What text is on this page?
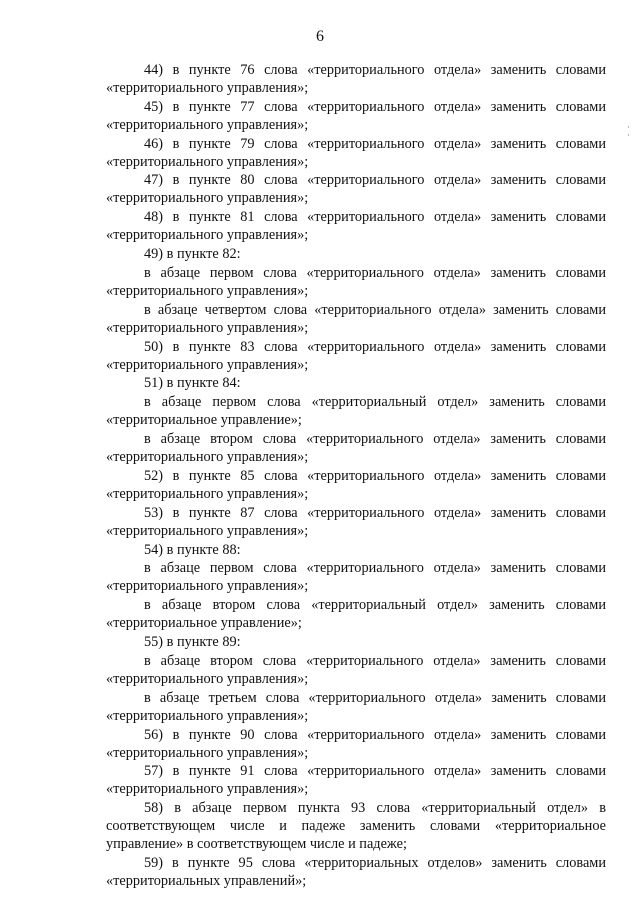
6

44) в пункте 76 слова «территориального отдела» заменить словами «территориального управления»;

45) в пункте 77 слова «территориального отдела» заменить словами «территориального управления»;

46) в пункте 79 слова «территориального отдела» заменить словами «территориального управления»;

47) в пункте 80 слова «территориального отдела» заменить словами «территориального управления»;

48) в пункте 81 слова «территориального отдела» заменить словами «территориального управления»;

49) в пункте 82:

в абзаце первом слова «территориального отдела» заменить словами «территориального управления»;

в абзаце четвертом слова «территориального отдела» заменить словами «территориального управления»;

50) в пункте 83 слова «территориального отдела» заменить словами «территориального управления»;

51) в пункте 84:

в абзаце первом слова «территориальный отдел» заменить словами «территориальное управление»;

в абзаце втором слова «территориального отдела» заменить словами «территориального управления»;

52) в пункте 85 слова «территориального отдела» заменить словами «территориального управления»;

53) в пункте 87 слова «территориального отдела» заменить словами «территориального управления»;

54) в пункте 88:

в абзаце первом слова «территориального отдела» заменить словами «территориального управления»;

в абзаце втором слова «территориальный отдел» заменить словами «территориальное управление»;

55) в пункте 89:

в абзаце втором слова «территориального отдела» заменить словами «территориального управления»;

в абзаце третьем слова «территориального отдела» заменить словами «территориального управления»;

56) в пункте 90 слова «территориального отдела» заменить словами «территориального управления»;

57) в пункте 91 слова «территориального отдела» заменить словами «территориального управления»;

58) в абзаце первом пункта 93 слова «территориальный отдел» в соответствующем числе и падеже заменить словами «территориальное управление» в соответствующем числе и падеже;

59) в пункте 95 слова «территориальных отделов» заменить словами «территориальных управлений»;
